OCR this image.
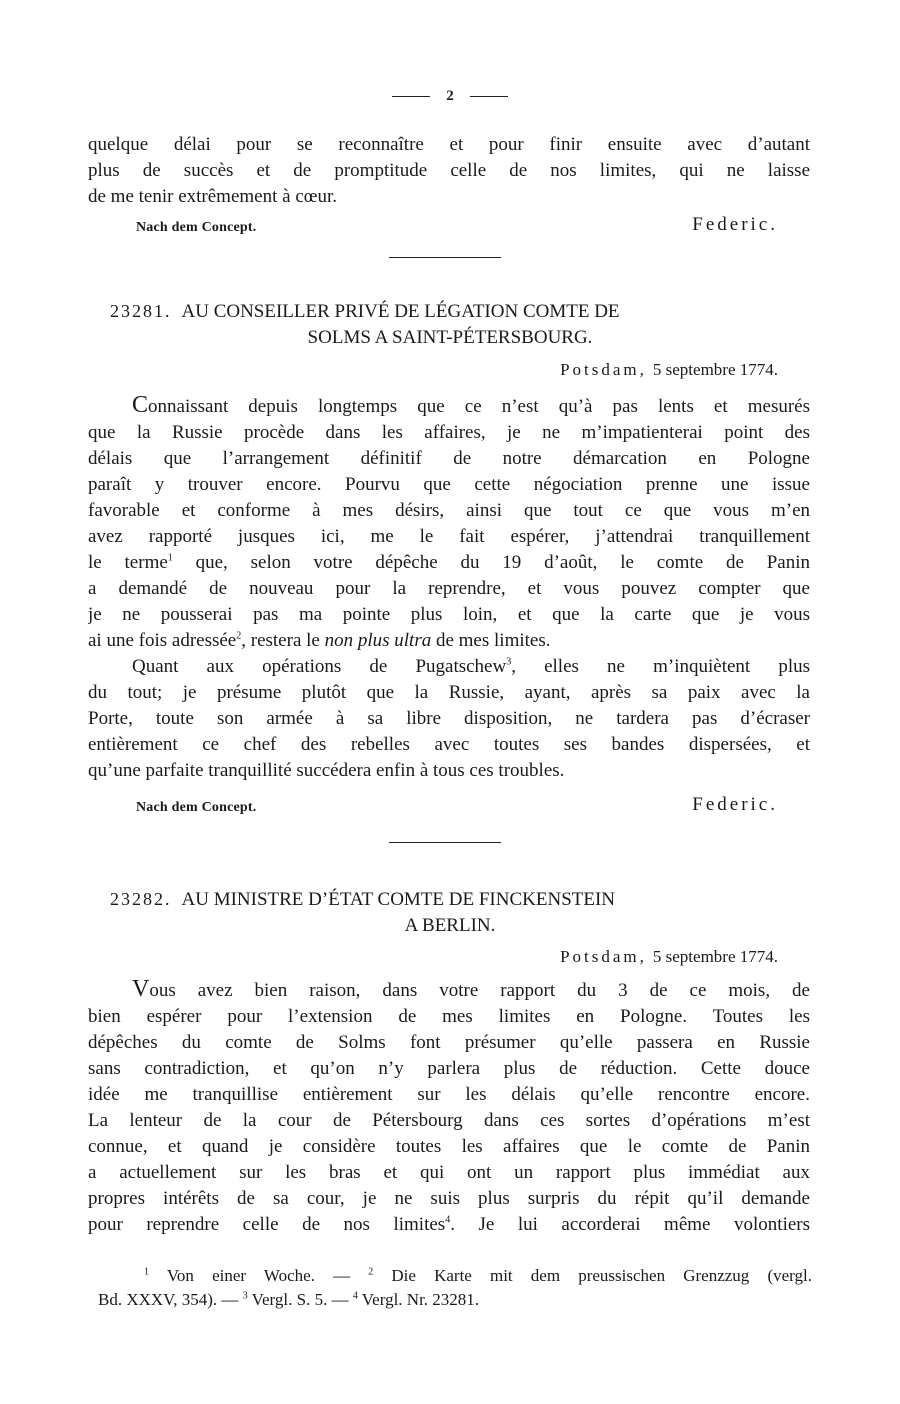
2
quelque délai pour se reconnaître et pour finir ensuite avec d’autant
plus de succès et de promptitude celle de nos limites, qui ne laisse
de me tenir extrêmement à cœur.
Nach dem Concept.	Federic.
23281. AU CONSEILLER PRIVÉ DE LÉGATION COMTE DE
SOLMS A SAINT-PÉTERSBOURG.
Potsdam, 5 septembre 1774.
Connaissant depuis longtemps que ce n’est qu’à pas lents et mesurés
que la Russie procède dans les affaires, je ne m’impatienterai point des
délais que l’arrangement définitif de notre démarcation en Pologne
paraît y trouver encore. Pourvu que cette négociation prenne une issue
favorable et conforme à mes désirs, ainsi que tout ce que vous m’en
avez rapporté jusques ici, me le fait espérer, j’attendrai tranquillement
le terme$^1$ que, selon votre dépêche du 19 d’août, le comte de Panin
a demandé de nouveau pour la reprendre, et vous pouvez compter que
je ne pousserai pas ma pointe plus loin, et que la carte que je vous
ai une fois adressée$^2$, restera le non plus ultra de mes limites.
Quant aux opérations de Pugatschew$^3$, elles ne m’inquiètent plus
du tout; je présume plutôt que la Russie, ayant, après sa paix avec la
Porte, toute son armée à sa libre disposition, ne tardera pas d’écraser
entièrement ce chef des rebelles avec toutes ses bandes dispersées, et
qu’une parfaite tranquillité succédera enfin à tous ces troubles.
Nach dem Concept.	Federic.
23282. AU MINISTRE D’ÉTAT COMTE DE FINCKENSTEIN
A BERLIN.
Potsdam, 5 septembre 1774.
Vous avez bien raison, dans votre rapport du 3 de ce mois, de
bien espérer pour l’extension de mes limites en Pologne. Toutes les
dépêches du comte de Solms font présumer qu’elle passera en Russie
sans contradiction, et qu’on n’y parlera plus de réduction. Cette douce
idée me tranquillise entièrement sur les délais qu’elle rencontre encore.
La lenteur de la cour de Pétersbourg dans ces sortes d’opérations m’est
connue, et quand je considère toutes les affaires que le comte de Panin
a actuellement sur les bras et qui ont un rapport plus immédiat aux
propres intérêts de sa cour, je ne suis plus surpris du répit qu’il demande
pour reprendre celle de nos limites$^4$. Je lui accorderai même volontiers
$^1$ Von einer Woche. — $^2$ Die Karte mit dem preussischen Grenzzug (vergl.
Bd. XXXV, 354). — $^3$ Vergl. S. 5. — $^4$ Vergl. Nr. 23281.
